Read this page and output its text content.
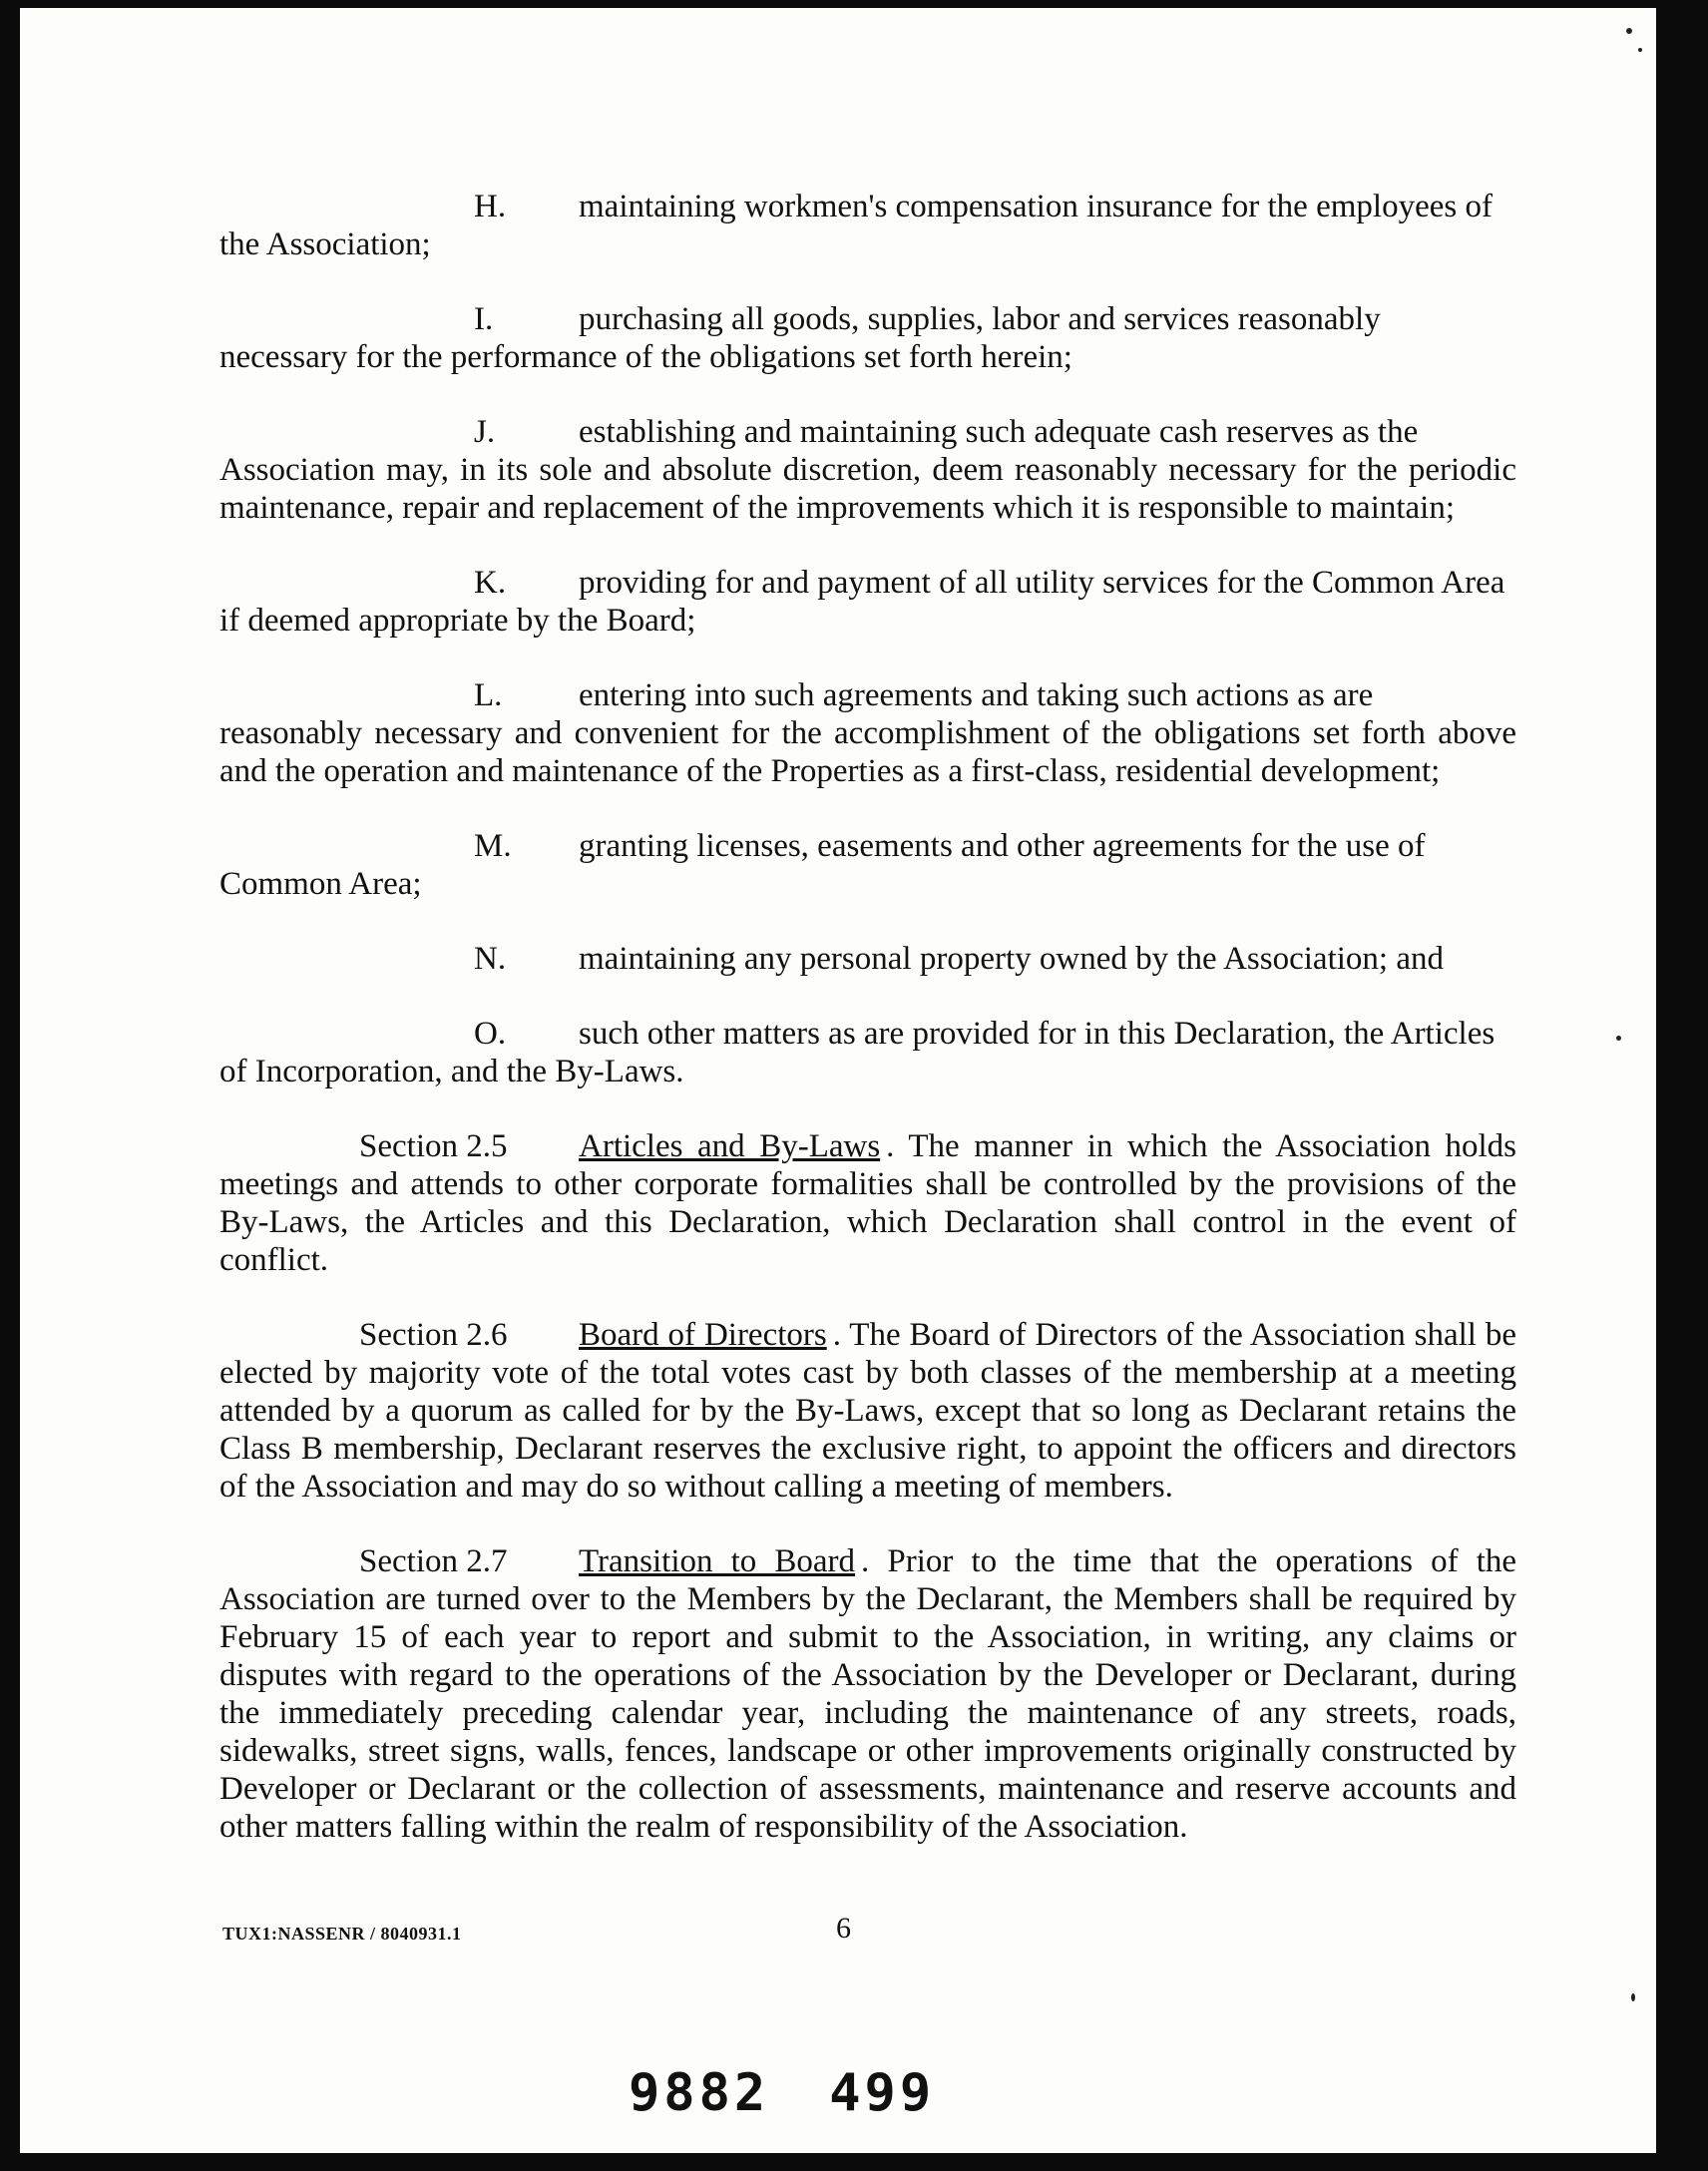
H. maintaining workmen's compensation insurance for the employees of
the Association;
I.	purchasing all goods, supplies, labor and services reasonably
necessary for the performance of the obligations set forth herein;
J.	establishing and maintaining such adequate cash reserves as the
Association may, in its sole and absolute discretion, deem reasonably necessary for the periodic maintenance, repair and replacement of the improvements which it is responsible to maintain;
K. providing for and payment of all utility services for the Common Area
if deemed appropriate by the Board;
L. entering into such agreements and taking such actions as are
reasonably necessary and convenient for the accomplishment of the obligations set forth above and the operation and maintenance of the Properties as a first-class, residential development;
M. granting licenses, easements and other agreements for the use of
Common Area;
N. maintaining any personal property owned by the Association; and
O. such other matters as are provided for in this Declaration, the Articles
of Incorporation, and the By-Laws.
Section 2.5 Articles and By-Laws . The manner in which the Association holds meetings and attends to other corporate formalities shall be controlled by the provisions of the By-Laws, the Articles and this Declaration, which Declaration shall control in the event of conflict.
Section 2.6 Board of Directors . The Board of Directors of the Association shall be elected by majority vote of the total votes cast by both classes of the membership at a meeting attended by a quorum as called for by the By-Laws, except that so long as Declarant retains the Class B membership, Declarant reserves the exclusive right, to appoint the officers and directors of the Association and may do so without calling a meeting of members.
Section 2.7 Transition to Board . Prior to the time that the operations of the Association are turned over to the Members by the Declarant, the Members shall be required by February 15 of each year to report and submit to the Association, in writing, any claims or disputes with regard to the operations of the Association by the Developer or Declarant, during the immediately preceding calendar year, including the maintenance of any streets, roads, sidewalks, street signs, walls, fences, landscape or other improvements originally constructed by Developer or Declarant or the collection of assessments, maintenance and reserve accounts and other matters falling within the realm of responsibility of the Association.
TUX1:NASSENR / 8040931.1	6
9882 499
